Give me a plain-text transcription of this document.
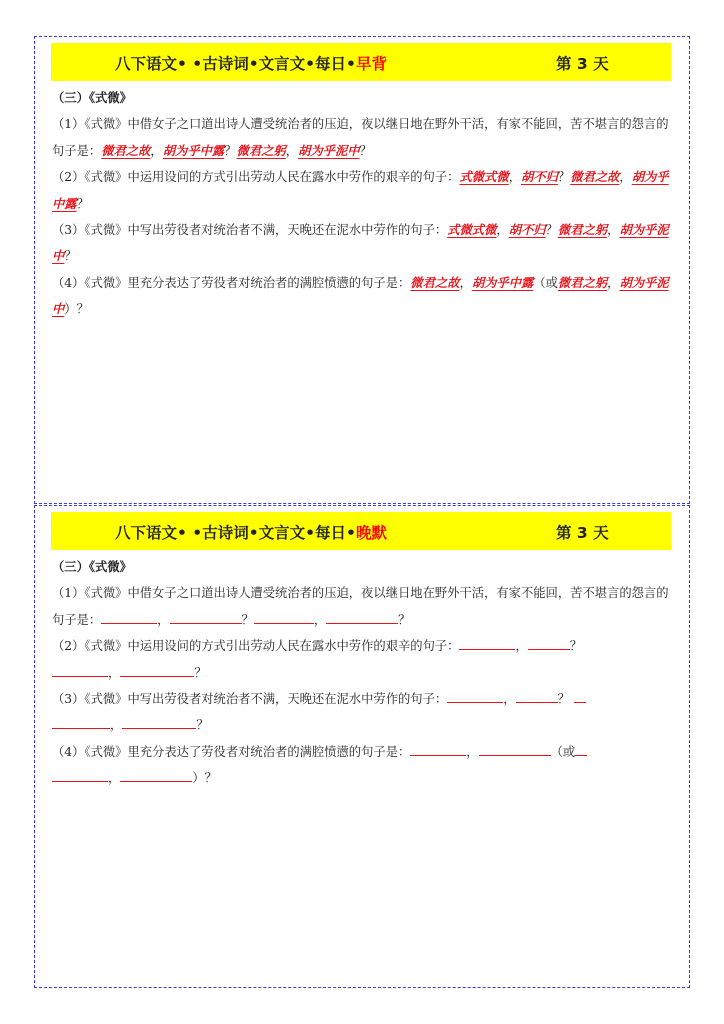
八下语文• •古诗词•文言文•每日•早背	第 3 天

（三）《式微》

（1）《式微》中借女子之口道出诗人遭受统治者的压迫，夜以继日地在野外干活，有家不能回，苦不堪言的怨言的句子是：微君之故，胡为乎中露？微君之躬，胡为乎泥中？

（2）《式微》中运用设问的方式引出劳动人民在露水中劳作的艰辛的句子：式微式微，胡不归？微君之故，胡为乎中露？

（3）《式微》中写出劳役者对统治者不满，天晚还在泥水中劳作的句子：式微式微，胡不归？微君之躬，胡为乎泥中？

（4）《式微》里充分表达了劳役者对统治者的满腔愤懑的句子是：微君之故，胡为乎中露（或微君之躬，胡为乎泥中）？

八下语文• •古诗词•文言文•每日•晚默	第 3 天

（三）《式微》

（1）《式微》中借女子之口道出诗人遭受统治者的压迫，夜以继日地在野外干活，有家不能回，苦不堪言的怨言的句子是：	，	？	，	？

（2）《式微》中运用设问的方式引出劳动人民在露水中劳作的艰辛的句子：	，	？
，	？

（3）《式微》中写出劳役者对统治者不满，天晚还在泥水中劳作的句子：	，	？
，	？

（4）《式微》里充分表达了劳役者对统治者的满腔愤懑的句子是：	，	（或
，	）？
